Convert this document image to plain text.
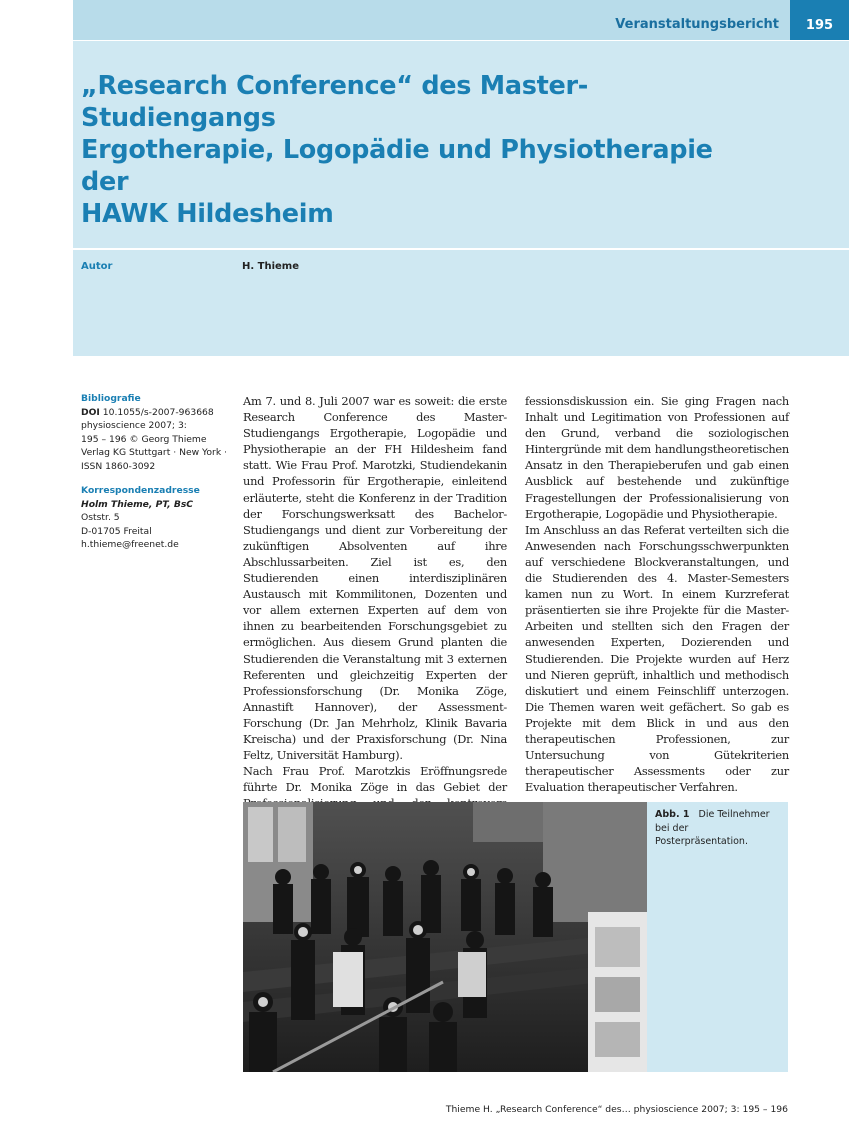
Veranstaltungsbericht	195
„Research Conference“ des Master-Studiengangs
Ergotherapie, Logopädie und Physiotherapie der
HAWK Hildesheim
Autor	H. Thieme
Bibliografie
DOI 10.1055/s-2007-963668
physioscience 2007; 3:
195 – 196 © Georg Thieme
Verlag KG Stuttgart · New York ·
ISSN 1860-3092
Korrespondenzadresse
Holm Thieme, PT, BsC
Oststr. 5
D-01705 Freital
h.thieme@freenet.de

Am 7. und 8. Juli 2007 war es soweit: die erste Research Conference des Master-Studiengangs Ergotherapie, Logopädie und Physiotherapie an der FH Hildesheim fand statt. Wie Frau Prof. Marotzki, Studiendekanin und Professorin für Ergotherapie, einleitend erläuterte, steht die Konferenz in der Tradition der Forschungswerksatt des Bachelor-Studiengangs und dient zur Vorbereitung der zukünftigen Absolventen auf ihre Abschlussarbeiten. Ziel ist es, den Studierenden einen interdisziplinären Austausch mit Kommilitonen, Dozenten und vor allem externen Experten auf dem von ihnen zu bearbeitenden Forschungsgebiet zu ermöglichen. Aus diesem Grund planten die Studierenden die Veranstaltung mit 3 externen Referenten und gleichzeitig Experten der Professionsforschung (Dr. Monika Zöge, Annastift Hannover), der Assessment-Forschung (Dr. Jan Mehrholz, Klinik Bavaria Kreischa) und der Praxisforschung (Dr. Nina Feltz, Universität Hamburg).

Nach Frau Prof. Marotzkis Eröffnungsrede führte Dr. Monika Zöge in das Gebiet der

fessionsdiskussion ein. Sie ging Fragen nach Inhalt und Legitimation von Professionen auf den Grund, verband die soziologischen Hintergründe mit dem handlungstheoretischen Ansatz in den Therapieberufen und gab einen Ausblick auf bestehende und zukünftige Fragestellungen der Professionalisierung von Ergotherapie, Logopädie und Physiotherapie.

Im Anschluss an das Referat verteilten sich die Anwesenden nach Forschungsschwerpunkten auf verschiedene Blockveranstaltungen, und die Studierenden des 4. Master-Semesters kamen nun zu Wort. In einem Kurzreferat präsentierten sie ihre Projekte für die Master-Arbeiten und stellten sich den Fragen der anwesenden Experten, Dozierenden und Studierenden. Die Projekte wurden auf Herz und Nieren geprüft, inhaltlich und methodisch diskutiert und einem Feinschliff unterzogen. Die Themen waren weit gefächert. So gab es Projekte mit dem Blick in und aus den therapeutischen Professionen, zur Untersuchung von Gütekriterien therapeutischer Assessments oder zur Evaluation therapeutischer Verfahren.

Abb. 1 Die Teilnehmer bei der Posterpräsentation.
Thieme H. „Research Conference“ des… physioscience 2007; 3: 195 – 196
